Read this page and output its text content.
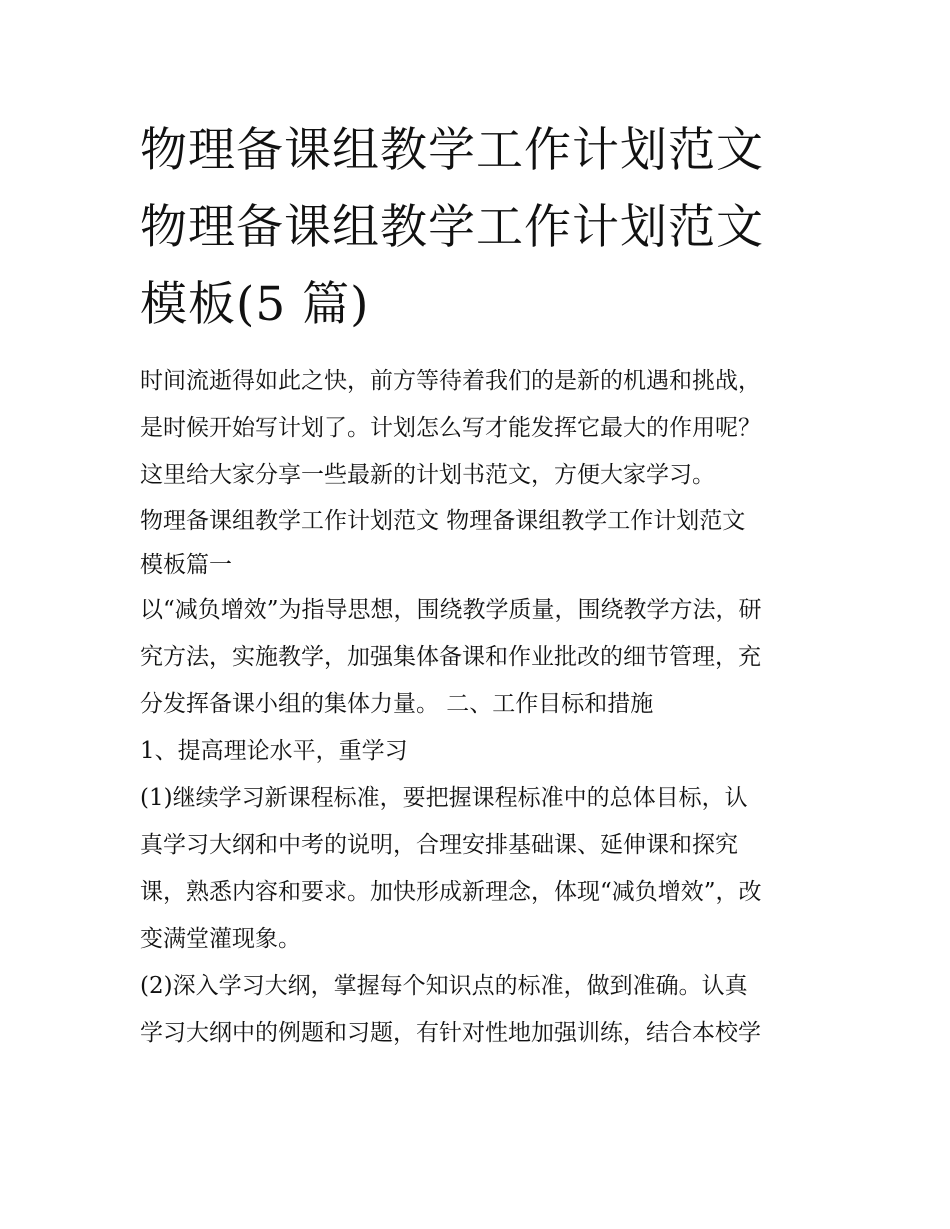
物理备课组教学工作计划范文
物理备课组教学工作计划范文
模板(5 篇)
时间流逝得如此之快，前方等待着我们的是新的机遇和挑战，
是时候开始写计划了。计划怎么写才能发挥它最大的作用呢？
这里给大家分享一些最新的计划书范文，方便大家学习。
物理备课组教学工作计划范文 物理备课组教学工作计划范文
模板篇一
以“减负增效”为指导思想，围绕教学质量，围绕教学方法，研
究方法，实施教学，加强集体备课和作业批改的细节管理，充
分发挥备课小组的集体力量。 二、工作目标和措施
1、提高理论水平，重学习
(1)继续学习新课程标准，要把握课程标准中的总体目标，认
真学习大纲和中考的说明，合理安排基础课、延伸课和探究
课，熟悉内容和要求。加快形成新理念，体现“减负增效”，改
变满堂灌现象。
(2)深入学习大纲，掌握每个知识点的标准，做到准确。认真
学习大纲中的例题和习题，有针对性地加强训练，结合本校学
